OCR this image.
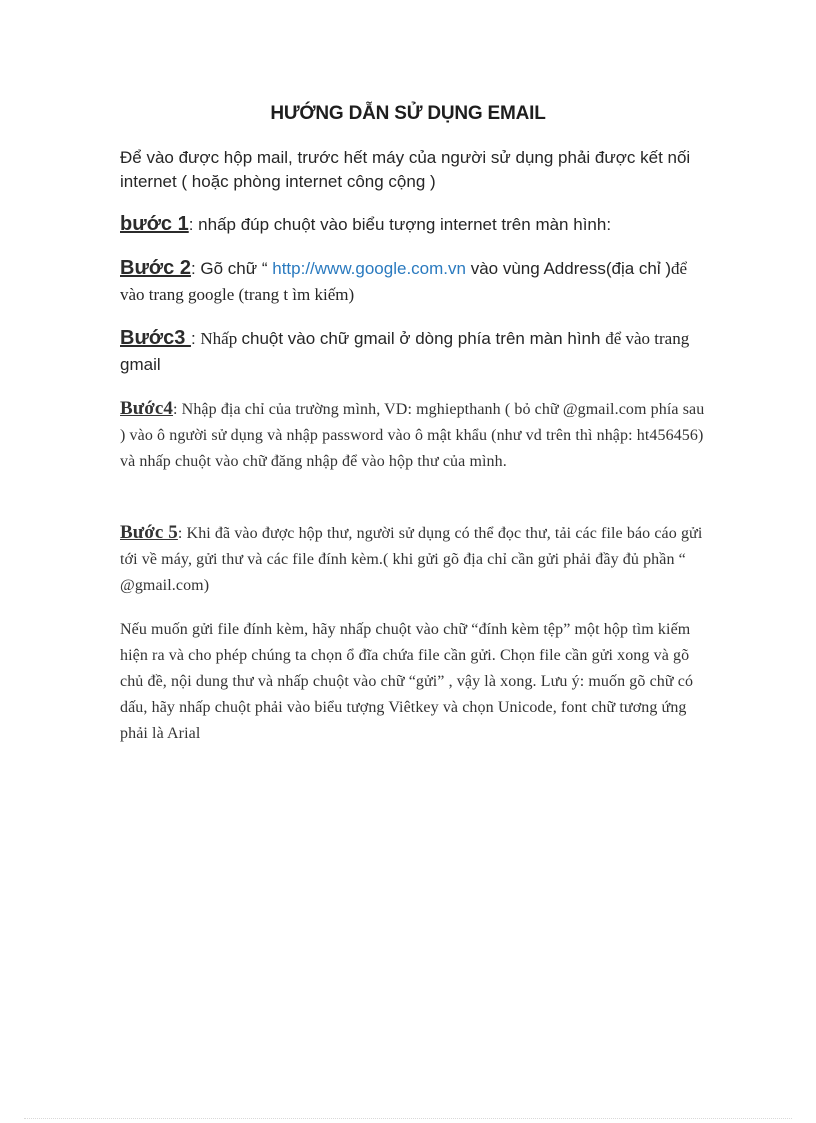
HƯỚNG DẪN SỬ DỤNG EMAIL
Để vào được hộp mail, trước hết máy của người sử dụng phải được kết nối internet ( hoặc phòng internet công cộng )
bước 1: nhấp đúp chuột vào biểu tượng internet trên màn hình:
Bước 2: Gõ chữ “ http://www.google.com.vn vào vùng Address(địa chỉ )để vào trang google (trang t ìm kiếm)
Bước3 : Nhấp chuột vào chữ gmail ở dòng phía trên màn hình để vào trang gmail
Bước4: Nhập địa chỉ của trường mình, VD: mghiepthanh ( bỏ chữ @gmail.com phía sau ) vào ô người sử dụng và nhập password vào ô mật khẩu (như vd trên thì nhập: ht456456) và nhấp chuột vào chữ đăng nhập để vào hộp thư của mình.
Bước 5: Khi đã vào được hộp thư, người sử dụng có thể đọc thư, tải các file báo cáo gửi tới về máy, gửi thư và các file đính kèm.( khi gửi gõ địa chỉ cần gửi phải đầy đủ phần “ @gmail.com)
Nếu muốn gửi file đính kèm, hãy nhấp chuột vào chữ “đính kèm tệp” một hộp tìm kiếm hiện ra và cho phép chúng ta chọn ổ đĩa chứa file cần gửi. Chọn file cần gửi xong và gõ chủ đề, nội dung thư và nhấp chuột vào chữ “gửi” , vậy là xong. Lưu ý: muốn gõ chữ có dấu, hãy nhấp chuột phải vào biểu tượng Viêtkey và chọn Unicode, font chữ tương ứng phải là Arial
